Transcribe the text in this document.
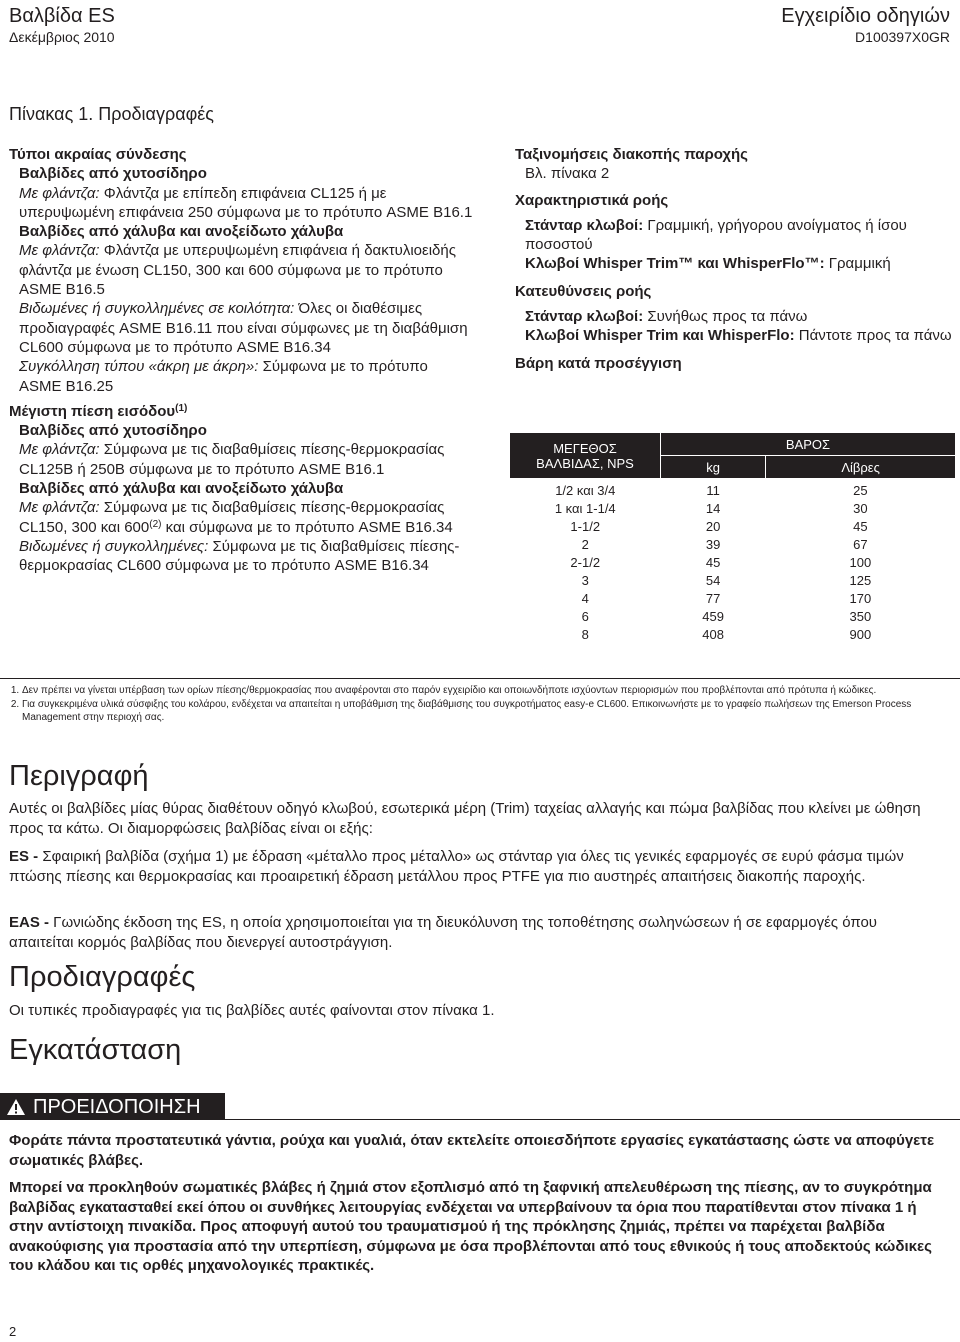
Βαλβίδα ES
Δεκέμβριος 2010
Εγχειρίδιο οδηγιών
D100397X0GR
Πίνακας 1. Προδιαγραφές

Τύποι ακραίας σύνδεσης

Βαλβίδες από χυτοσίδηρο

Με φλάντζα: Φλάντζα με επίπεδη επιφάνεια CL125 ή με υπερυψωμένη επιφάνεια 250 σύμφωνα με το πρότυπο ASME B16.1

Βαλβίδες από χάλυβα και ανοξείδωτο χάλυβα

Με φλάντζα: Φλάντζα με υπερυψωμένη επιφάνεια ή δακτυλιοειδής φλάντζα με ένωση CL150, 300 και 600 σύμφωνα με το πρότυπο ASME B16.5

Βιδωμένες ή συγκολλημένες σε κοιλότητα: Όλες οι διαθέσιμες προδιαγραφές ASME B16.11 που είναι σύμφωνες με τη διαβάθμιση CL600 σύμφωνα με το πρότυπο ASME B16.34

Συγκόλληση τύπου «άκρη με άκρη»: Σύμφωνα με το πρότυπο ASME B16.25

Μέγιστη πίεση εισόδου$^{(1)}$

Βαλβίδες από χυτοσίδηρο

Με φλάντζα: Σύμφωνα με τις διαβαθμίσεις πίεσης-θερμοκρασίας CL125B ή 250B σύμφωνα με το πρότυπο ASME B16.1

Βαλβίδες από χάλυβα και ανοξείδωτο χάλυβα

Με φλάντζα: Σύμφωνα με τις διαβαθμίσεις πίεσης-θερμοκρασίας CL150, 300 και 600$^{(2)}$ και σύμφωνα με το πρότυπο ASME B16.34

Βιδωμένες ή συγκολλημένες: Σύμφωνα με τις διαβαθμίσεις πίεσης-θερμοκρασίας CL600 σύμφωνα με το πρότυπο ASME B16.34

Ταξινομήσεις διακοπής παροχής

Βλ. πίνακα 2

Χαρακτηριστικά ροής

Στάνταρ κλωβοί: Γραμμική, γρήγορου ανοίγματος ή ίσου ποσοστού

Κλωβοί Whisper Trim™ και WhisperFlo™: Γραμμική

Κατευθύνσεις ροής

Στάνταρ κλωβοί: Συνήθως προς τα πάνω

Κλωβοί Whisper Trim και WhisperFlo: Πάντοτε προς τα πάνω

Βάρη κατά προσέγγιση

ΜΕΓΕΘΟΣ
ΒΑΛΒΙΔΑΣ, NPS	ΒΑΡΟΣ	
	kg	Λίβρες
1/2 και 3/4	11	25
1 και 1-1/4	14	30
1-1/2	20	45
2	39	67
2-1/2	45	100
3	54	125
4	77	170
6	459	350
8	408	900
1. Δεν πρέπει να γίνεται υπέρβαση των ορίων πίεσης/θερμοκρασίας που αναφέρονται στο παρόν εγχειρίδιο και οποιωνδήποτε ισχύοντων περιορισμών που προβλέπονται από πρότυπα ή κώδικες.
2. Για συγκεκριμένα υλικά σύσφιξης του κολάρου, ενδέχεται να απαιτείται η υποβάθμιση της διαβάθμισης του συγκροτήματος easy-e CL600. Επικοινωνήστε με το γραφείο πωλήσεων της Emerson Process Management στην περιοχή σας.
Περιγραφή
Αυτές οι βαλβίδες μίας θύρας διαθέτουν οδηγό κλωβού, εσωτερικά μέρη (Trim) ταχείας αλλαγής και πώμα βαλβίδας που κλείνει με ώθηση προς τα κάτω. Οι διαμορφώσεις βαλβίδας είναι οι εξής:
ES - Σφαιρική βαλβίδα (σχήμα 1) με έδραση «μέταλλο προς μέταλλο» ως στάνταρ για όλες τις γενικές εφαρμογές σε ευρύ φάσμα τιμών πτώσης πίεσης και θερμοκρασίας και προαιρετική έδραση μετάλλου προς PTFE για πιο αυστηρές απαιτήσεις διακοπής παροχής.
EAS - Γωνιώδης έκδοση της ES, η οποία χρησιμοποιείται για τη διευκόλυνση της τοποθέτησης σωληνώσεων ή σε εφαρμογές όπου απαιτείται κορμός βαλβίδας που διενεργεί αυτοστράγγιση.
Προδιαγραφές
Οι τυπικές προδιαγραφές για τις βαλβίδες αυτές φαίνονται στον πίνακα 1.
Εγκατάσταση
ΠΡΟΕΙΔΟΠΟΙΗΣΗ
Φοράτε πάντα προστατευτικά γάντια, ρούχα και γυαλιά, όταν εκτελείτε οποιεσδήποτε εργασίες εγκατάστασης ώστε να αποφύγετε σωματικές βλάβες.
Μπορεί να προκληθούν σωματικές βλάβες ή ζημιά στον εξοπλισμό από τη ξαφνική απελευθέρωση της πίεσης, αν το συγκρότημα βαλβίδας εγκατασταθεί εκεί όπου οι συνθήκες λειτουργίας ενδέχεται να υπερβαίνουν τα όρια που παρατίθενται στον πίνακα 1 ή στην αντίστοιχη πινακίδα. Προς αποφυγή αυτού του τραυματισμού ή της πρόκλησης ζημιάς, πρέπει να παρέχεται βαλβίδα ανακούφισης για προστασία από την υπερπίεση, σύμφωνα με όσα προβλέπονται από τους εθνικούς ή τους αποδεκτούς κώδικες του κλάδου και τις ορθές μηχανολογικές πρακτικές.
2
